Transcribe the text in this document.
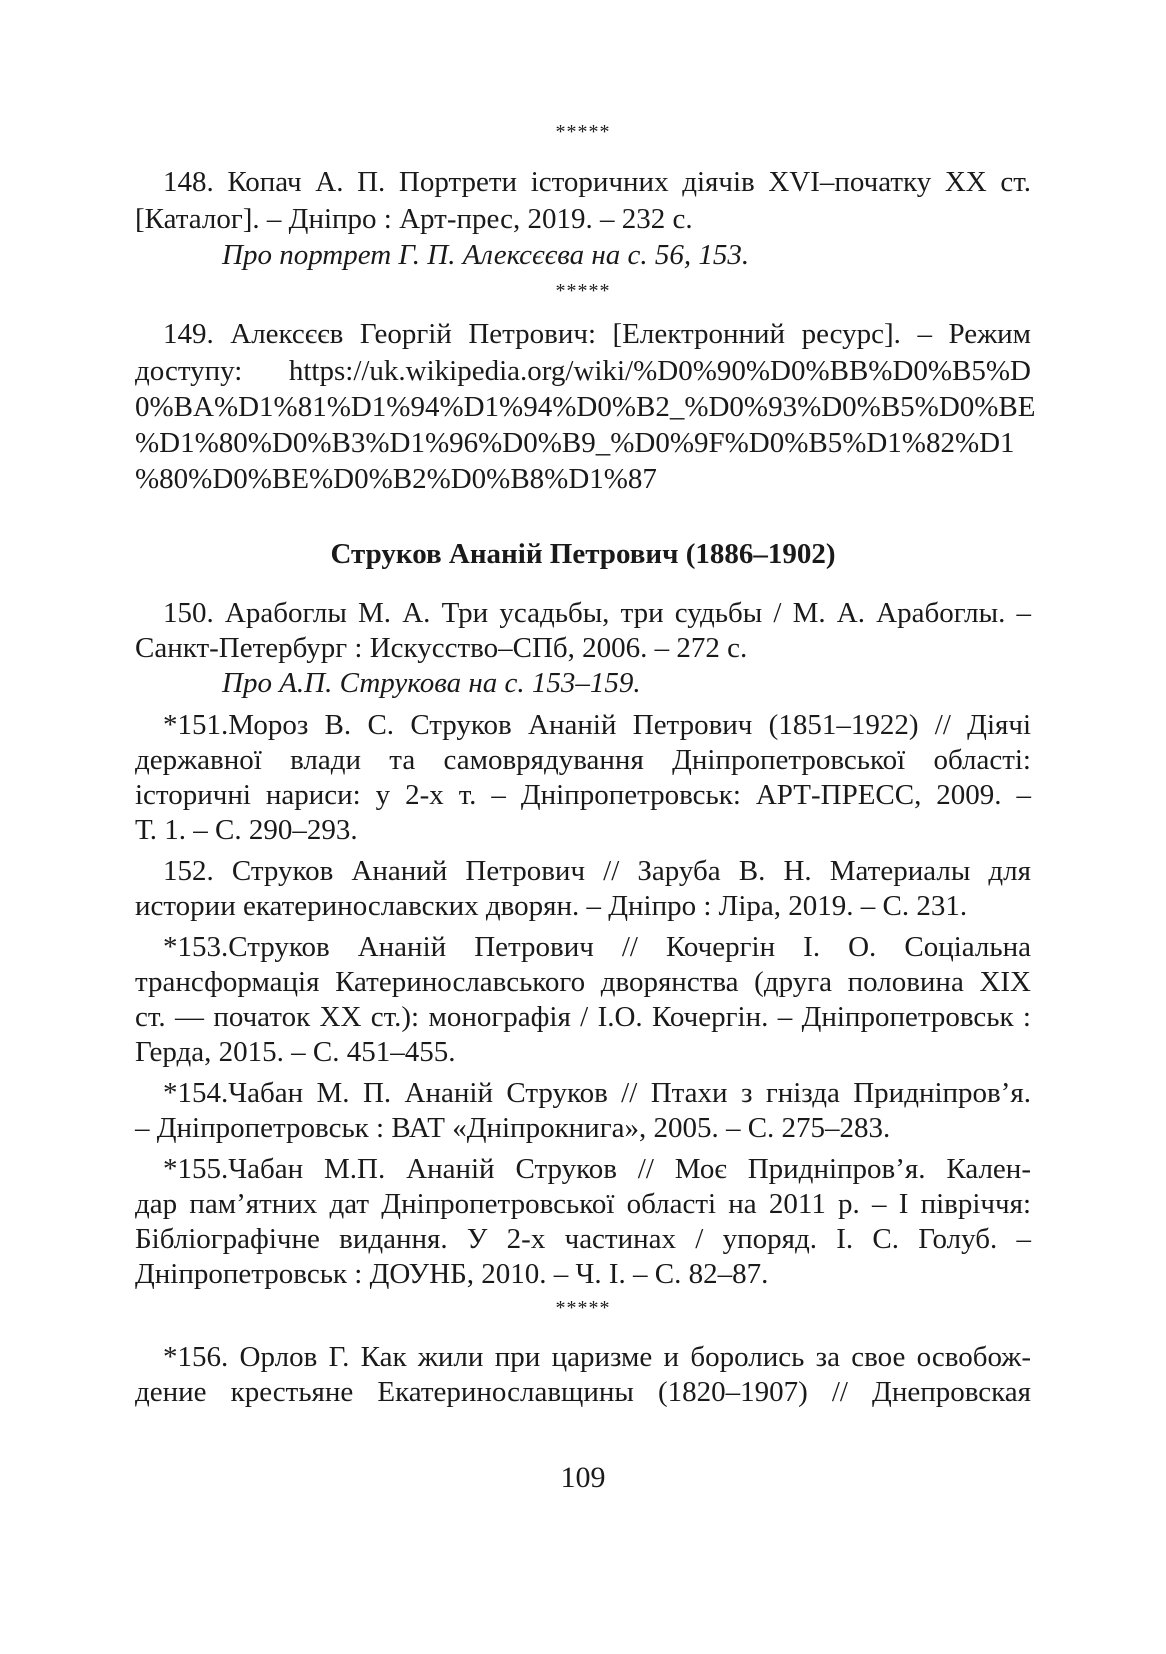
*****
148. Копач А. П. Портрети історичних діячів XVI–початку XX ст.
[Каталог]. – Дніпро : Арт-прес, 2019. – 232 с.
Про портрет Г. П. Алексєєва на с. 56, 153.
*****
149. Алексєєв Георгій Петрович: [Електронний ресурс]. – Режим
доступу: https://uk.wikipedia.org/wiki/%D0%90%D0%BB%D0%B5%D
0%BA%D1%81%D1%94%D1%94%D0%B2_%D0%93%D0%B5%D0%BE
%D1%80%D0%B3%D1%96%D0%B9_%D0%9F%D0%B5%D1%82%D1
%80%D0%BE%D0%B2%D0%B8%D1%87
Струков Ананій Петрович (1886–1902)
150. Арабоглы М. А. Три усадьбы, три судьбы / М. А. Арабоглы. –
Санкт-Петербург : Искусство–СПб, 2006. – 272 с.
Про А.П. Струкова на с. 153–159.
*151.Мороз В. С. Струков Ананій Петрович (1851–1922) // Діячі
державної влади та самоврядування Дніпропетровської області:
історичні нариси: у 2-х т. – Дніпропетровськ: АРТ-ПРЕСС, 2009. –
Т. 1. – С. 290–293.
152. Струков Ананий Петрович // Заруба В. Н. Материалы для
истории екатеринославских дворян. – Дніпро : Ліра, 2019. – С. 231.
*153.Струков Ананій Петрович // Кочергін І. О. Соціальна
трансформація Катеринославського дворянства (друга половина XIX
ст. — початок XX ст.): монографія / І.О. Кочергін. – Дніпропетровськ :
Герда, 2015. – С. 451–455.
*154.Чабан М. П. Ананій Струков // Птахи з гнізда Придніпров’я.
– Дніпропетровськ : ВАТ «Дніпрокнига», 2005. – С. 275–283.
*155.Чабан М.П. Ананій Струков // Моє Придніпров’я. Кален-
дар пам’ятних дат Дніпропетровської області на 2011 р. – І півріччя:
Бібліографічне видання. У 2-х частинах / упоряд. І. С. Голуб. –
Дніпропетровськ : ДОУНБ, 2010. – Ч. І. – С. 82–87.
*****
*156. Орлов Г. Как жили при царизме и боролись за свое освобож-
дение крестьяне Екатеринославщины (1820–1907) // Днепровская
109
